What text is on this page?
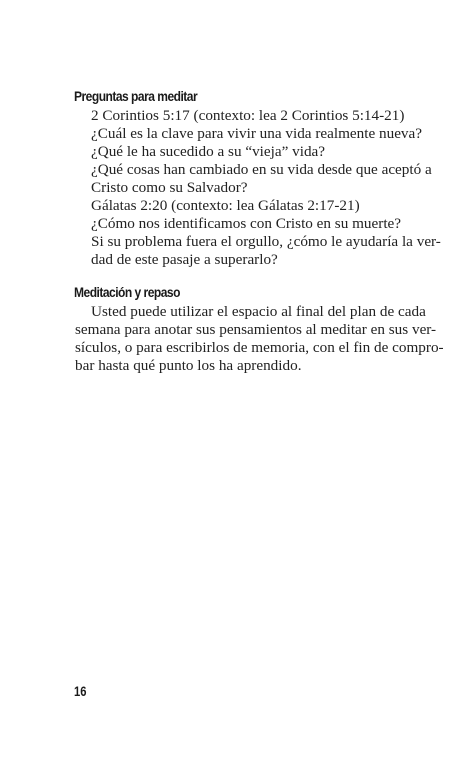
Preguntas para meditar
2 Corintios 5:17 (contexto: lea 2 Corintios 5:14-21)
¿Cuál es la clave para vivir una vida realmente nueva?
¿Qué le ha sucedido a su “vieja” vida?
¿Qué cosas han cambiado en su vida desde que aceptó a
Cristo como su Salvador?
Gálatas 2:20 (contexto: lea Gálatas 2:17-21)
¿Cómo nos identificamos con Cristo en su muerte?
Si su problema fuera el orgullo, ¿cómo le ayudaría la ver-
dad de este pasaje a superarlo?
Meditación y repaso
Usted puede utilizar el espacio al final del plan de cada
semana para anotar sus pensamientos al meditar en sus ver-
sículos, o para escribirlos de memoria, con el fin de compro-
bar hasta qué punto los ha aprendido.
16
